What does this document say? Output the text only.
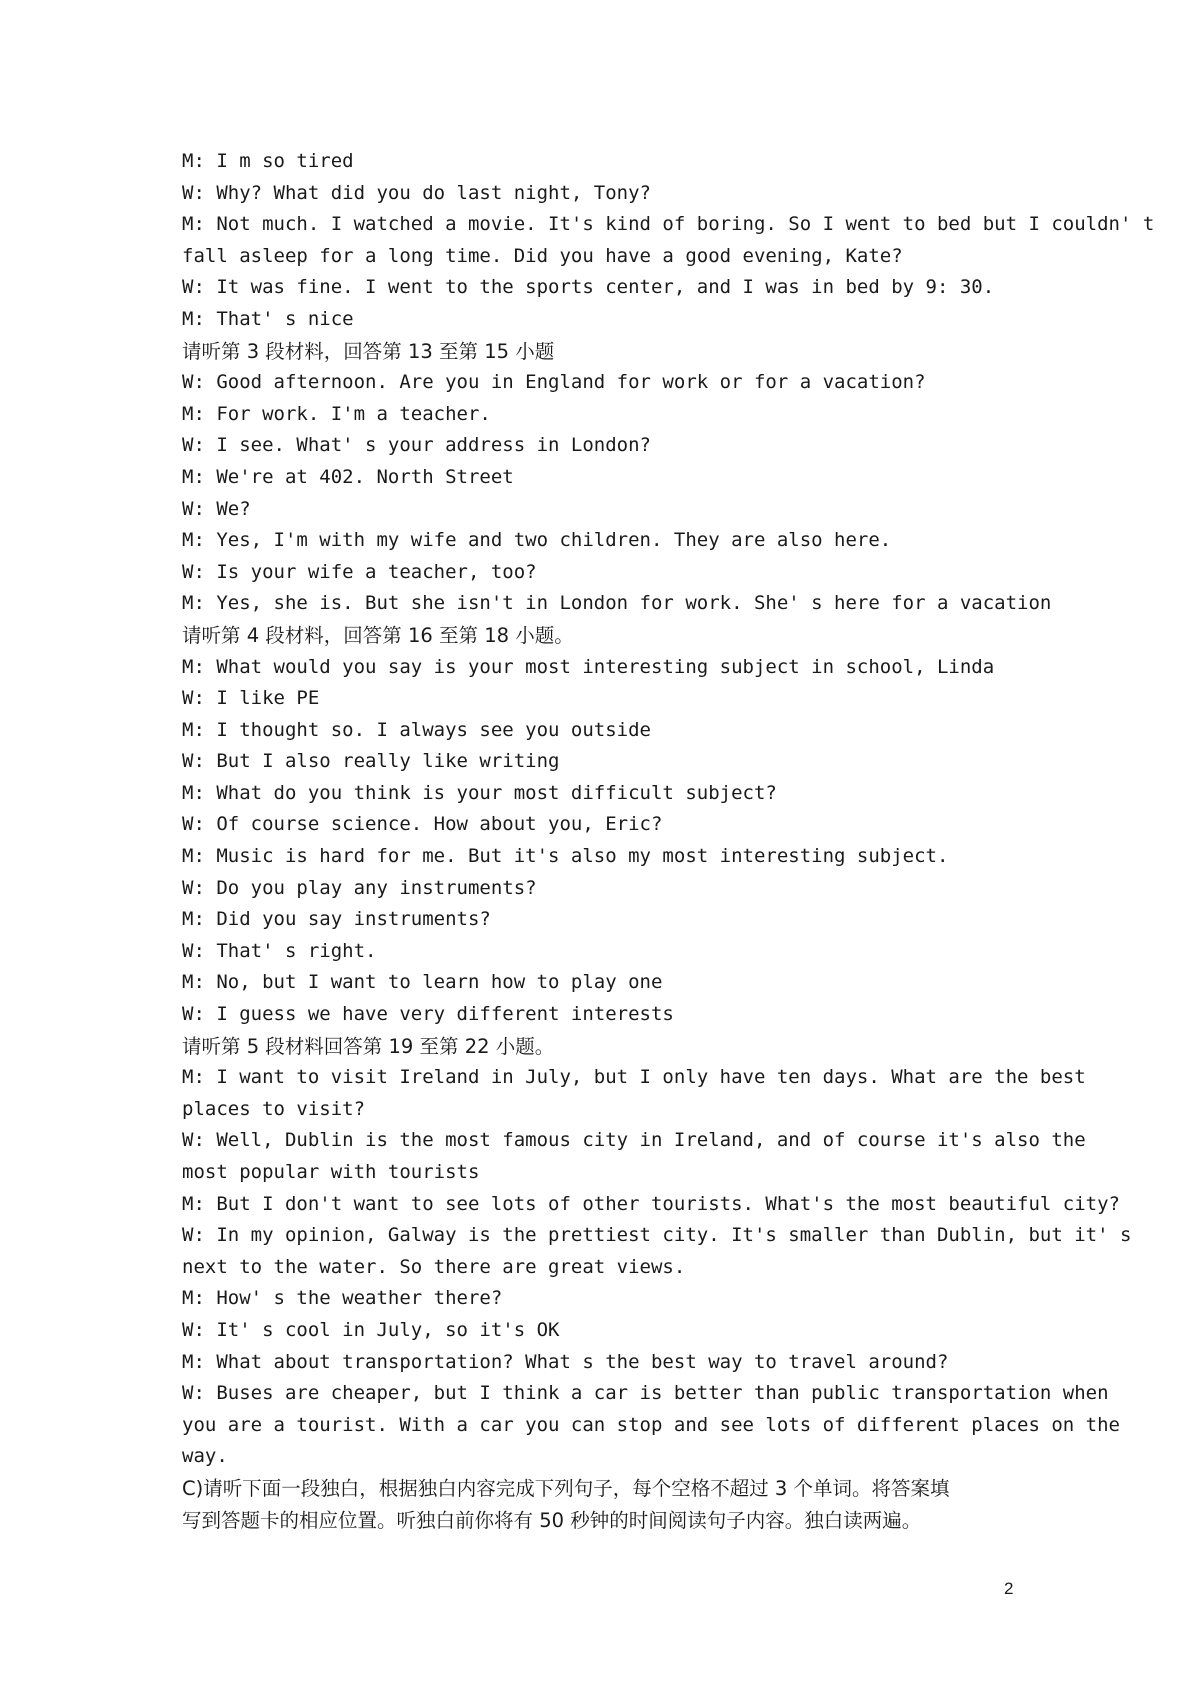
M: I m so tired
W: Why? What did you do last night, Tony?
M: Not much. I watched a movie. It's kind of boring. So I went to bed but I couldn' t
fall asleep for a long time. Did you have a good evening, Kate?
W: It was fine. I went to the sports center, and I was in bed by 9: 30.
M: That' s nice
请听第 3 段材料，回答第 13 至第 15 小题
W: Good afternoon. Are you in England for work or for a vacation?
M: For work. I'm a teacher.
W: I see. What' s your address in London?
M: We're at 402. North Street
W: We?
M: Yes, I'm with my wife and two children. They are also here.
W: Is your wife a teacher, too?
M: Yes, she is. But she isn't in London for work. She' s here for a vacation
请听第 4 段材料，回答第 16 至第 18 小题。
M: What would you say is your most interesting subject in school, Linda
W: I like PE
M: I thought so. I always see you outside
W: But I also really like writing
M: What do you think is your most difficult subject?
W: Of course science. How about you, Eric?
M: Music is hard for me. But it's also my most interesting subject.
W: Do you play any instruments?
M: Did you say instruments?
W: That' s right.
M: No, but I want to learn how to play one
W: I guess we have very different interests
请听第 5 段材料回答第 19 至第 22 小题。
M: I want to visit Ireland in July, but I only have ten days. What are the best
places to visit?
W: Well, Dublin is the most famous city in Ireland, and of course it's also the
most popular with tourists
M: But I don't want to see lots of other tourists. What's the most beautiful city?
W: In my opinion, Galway is the prettiest city. It's smaller than Dublin, but it' s
next to the water. So there are great views.
M: How' s the weather there?
W: It' s cool in July, so it's OK
M: What about transportation? What s the best way to travel around?
W: Buses are cheaper, but I think a car is better than public transportation when
you are a tourist. With a car you can stop and see lots of different places on the
way.
C)请听下面一段独白，根据独白内容完成下列句子，每个空格不超过 3 个单词。将答案填
写到答题卡的相应位置。听独白前你将有 50 秒钟的时间阅读句子内容。独白读两遍。
2
